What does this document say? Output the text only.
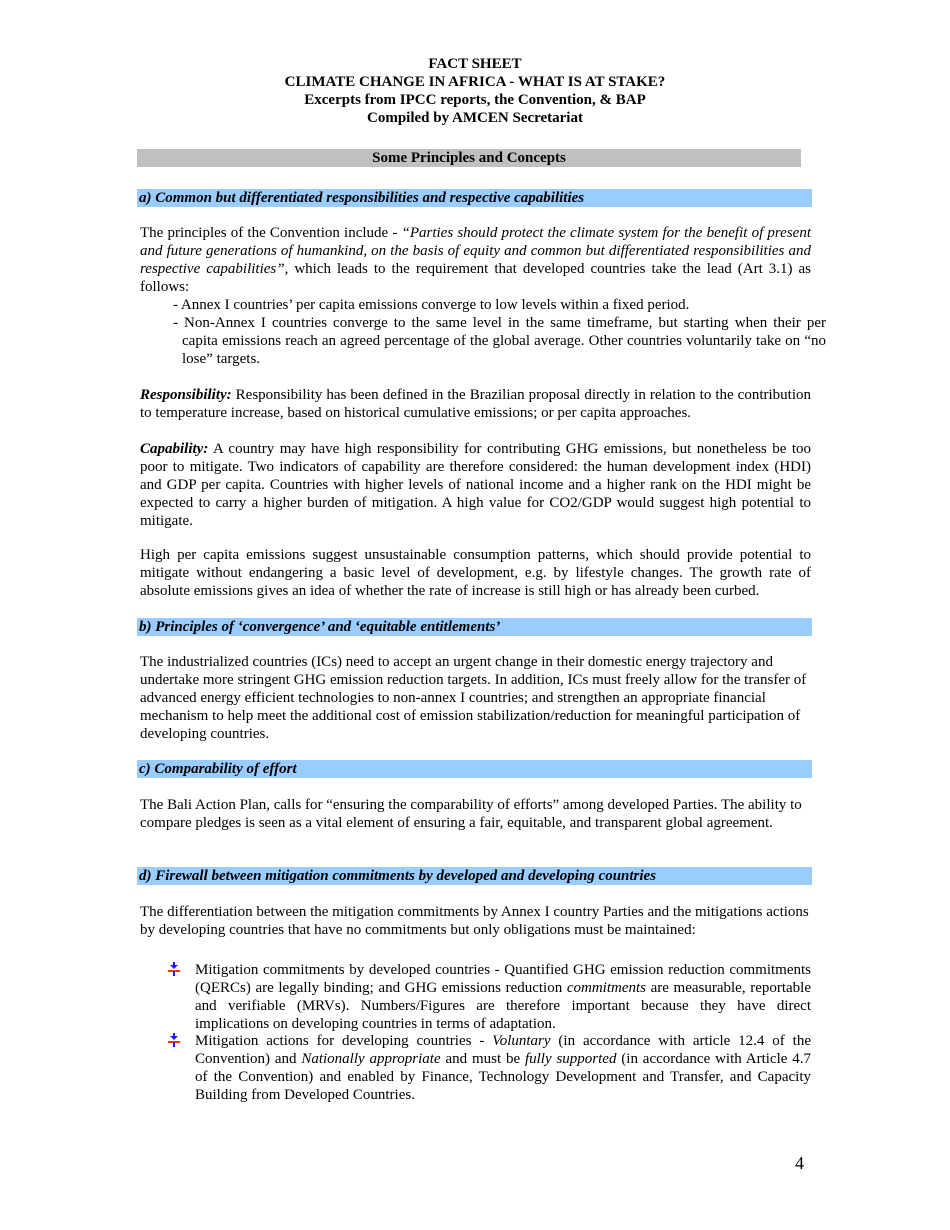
FACT SHEET
CLIMATE CHANGE IN AFRICA - WHAT IS AT STAKE?
Excerpts from IPCC reports, the Convention, & BAP
Compiled by AMCEN Secretariat
Some Principles and Concepts
a) Common but differentiated responsibilities and respective capabilities
The principles of the Convention include - “Parties should protect the climate system for the benefit of present and future generations of humankind, on the basis of equity and common but differentiated responsibilities and respective capabilities”, which leads to the requirement that developed countries take the lead (Art 3.1) as follows:
- Annex I countries’ per capita emissions converge to low levels within a fixed period.
- Non-Annex I countries converge to the same level in the same timeframe, but starting when their per capita emissions reach an agreed percentage of the global average. Other countries voluntarily take on “no lose” targets.
Responsibility: Responsibility has been defined in the Brazilian proposal directly in relation to the contribution to temperature increase, based on historical cumulative emissions; or per capita approaches.
Capability: A country may have high responsibility for contributing GHG emissions, but nonetheless be too poor to mitigate. Two indicators of capability are therefore considered: the human development index (HDI) and GDP per capita. Countries with higher levels of national income and a higher rank on the HDI might be expected to carry a higher burden of mitigation. A high value for CO2/GDP would suggest high potential to mitigate.
High per capita emissions suggest unsustainable consumption patterns, which should provide potential to mitigate without endangering a basic level of development, e.g. by lifestyle changes. The growth rate of absolute emissions gives an idea of whether the rate of increase is still high or has already been curbed.
b) Principles of ‘convergence’ and ‘equitable entitlements’
The industrialized countries (ICs) need to accept an urgent change in their domestic energy trajectory and undertake more stringent GHG emission reduction targets. In addition, ICs must freely allow for the transfer of advanced energy efficient technologies to non-annex I countries; and strengthen an appropriate financial mechanism to help meet the additional cost of emission stabilization/reduction for meaningful participation of developing countries.
c) Comparability of effort
The Bali Action Plan, calls for “ensuring the comparability of efforts” among developed Parties. The ability to compare pledges is seen as a vital element of ensuring a fair, equitable, and transparent global agreement.
d) Firewall between mitigation commitments by developed and developing countries
The differentiation between the mitigation commitments by Annex I country Parties and the mitigations actions by developing countries that have no commitments but only obligations must be maintained:
Mitigation commitments by developed countries - Quantified GHG emission reduction commitments (QERCs) are legally binding; and GHG emissions reduction commitments are measurable, reportable and verifiable (MRVs). Numbers/Figures are therefore important because they have direct implications on developing countries in terms of adaptation.
Mitigation actions for developing countries - Voluntary (in accordance with article 12.4 of the Convention) and Nationally appropriate and must be fully supported (in accordance with Article 4.7 of the Convention) and enabled by Finance, Technology Development and Transfer, and Capacity Building from Developed Countries.
4
